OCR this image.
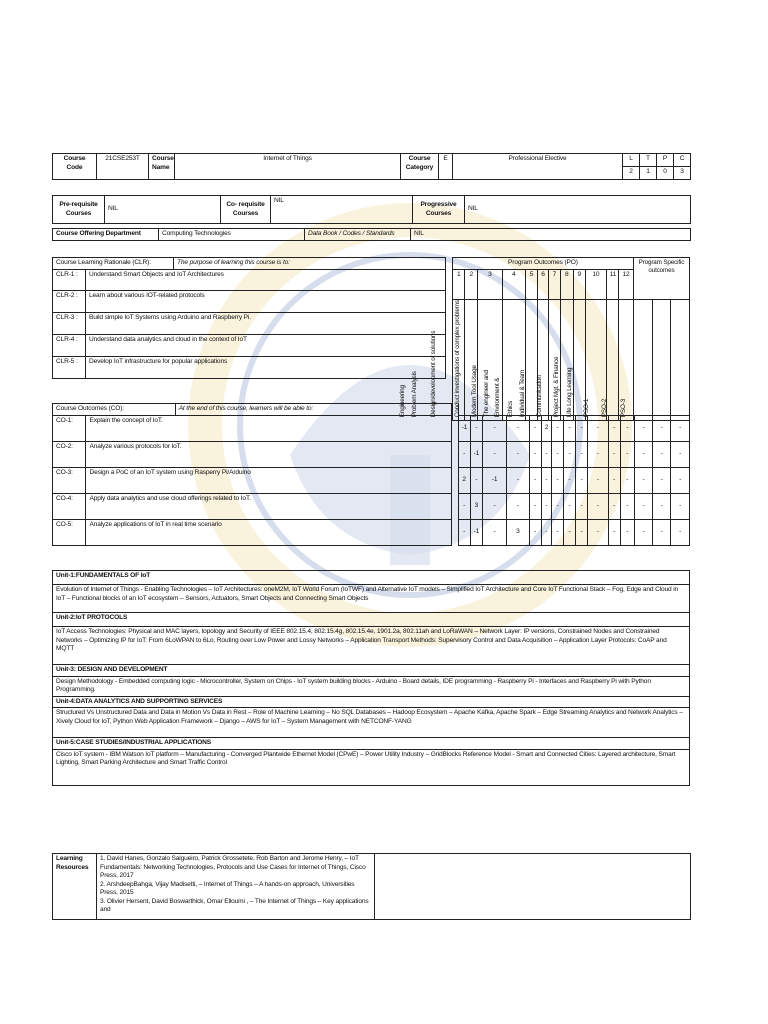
Course Code	21CSE253T	Course Name	Internet of Things	Course Category	E	Professional Elective	L	T	P	C
							2	1	0	3
Pre-requisite Courses	NIL	Co- requisite Courses	NIL	Progressive Courses	NIL
Course Offering Department	Computing Technologies	Data Book / Codes / Standards	NIL
Course Learning Rationale (CLR):		The purpose of learning this course is to:
CLR-1 :	Understand Smart Objects and IoT Architectures	
CLR-2 :	Learn about various IOT-related protocols	
CLR-3 :	Build simple IoT Systems using Arduino and Raspberry Pi.	
CLR-4 :	Understand data analytics and cloud in the context of IoT	
CLR-5 :	Develop IoT infrastructure for popular applications	
Program Outcomes (PO)												Program Specific outcomes		
1	2	3	4	5	6	7	8	9	10	11	12			

Engineering	Problem Analysis	Design/development of solutions	Conduct investigations of complex problems	Modern Tool Usage	The engineer and	Environment &	Ethics	Individual & Team	Communication	Project Mgt. & Finance	Life Long Learning	PSO-1	PSO-2	PSO-3
Course Outcomes (CO):		At the end of this course, learners will be able to:																
CO-1:	Explain the concept of IoT.			-1	-	-	-	-	2	-	-	-	-	-	-	-	-	-
CO-2:	Analyze various protocols for IoT.			-	-1	-	-	-	-	-	-	-	-	-	-	-	-	-
CO-3:	Design a PoC of an IoT system using Rasperry Pi/Arduino			2	-	-1	-	-	-	-	-	-	-	-	-	-	-	-
CO-4:	Apply data analytics and use cloud offerings related to IoT.			-	3	-	-	-	-	-	-	-	-	-	-	-	-	-
CO-5:	Analyze applications of IoT in real time scenario			-	-1	-	3	-	-	-	-	-	-	-	-	-	-	-
Unit-1:FUNDAMENTALS OF IoT
Evolution of Internet of Things - Enabling Technologies – IoT Architectures: oneM2M, IoT World Forum (IoTWF) and Alternative IoT models – Simplified IoT Architecture and Core IoT Functional Stack – Fog, Edge and Cloud in IoT – Functional blocks of an IoT ecosystem – Sensors, Actuators, Smart Objects and Connecting Smart Objects
Unit-2:IoT PROTOCOLS
IoT Access Technologies: Physical and MAC layers, topology and Security of IEEE 802.15.4, 802.15.4g, 802.15.4e, 1901.2a, 802.11ah and LoRaWAN – Network Layer: IP versions, Constrained Nodes and Constrained Networks – Optimizing IP for IoT: From 6LoWPAN to 6Lo, Routing over Low Power and Lossy Networks – Application Transport Methods: Supervisory Control and Data Acquisition – Application Layer Protocols: CoAP and MQTT
Unit-3: DESIGN AND DEVELOPMENT
Design Methodology - Embedded computing logic - Microcontroller, System on Chips - IoT system building blocks - Arduino - Board details, IDE programming - Raspberry Pi - Interfaces and Raspberry Pi with Python Programming.
Unit-4:DATA ANALYTICS AND SUPPORTING SERVICES
Structured Vs Unstructured Data and Data in Motion Vs Data in Rest – Role of Machine Learning – No SQL Databases – Hadoop Ecosystem – Apache Kafka, Apache Spark – Edge Streaming Analytics and Network Analytics – Xively Cloud for IoT, Python Web Application Framework – Django – AWS for IoT – System Management with NETCONF-YANG
Unit-5:CASE STUDIES/INDUSTRIAL APPLICATIONS
Cisco IoT system - IBM Watson IoT platform – Manufacturing - Converged Plantwide Ethernet Model (CPwE) – Power Utility Industry – GridBlocks Reference Model - Smart and Connected Cities: Layered architecture, Smart Lighting, Smart Parking Architecture and Smart Traffic Control
Learning Resources	
1. David Hanes, Gonzalo Salgueiro, Patrick Grossetete, Rob Barton and Jerome Henry, – IoT Fundamentals: Networking Technologies, Protocols and Use Cases for Internet of Things, Cisco Press, 2017
2. ArshdeepBahga, Vijay Madisetti, – Internet of Things – A hands-on approach, Universities Press, 2015
3. Olivier Hersent, David Boswarthick, Omar Elloumi , – The Internet of Things – Key applications and
